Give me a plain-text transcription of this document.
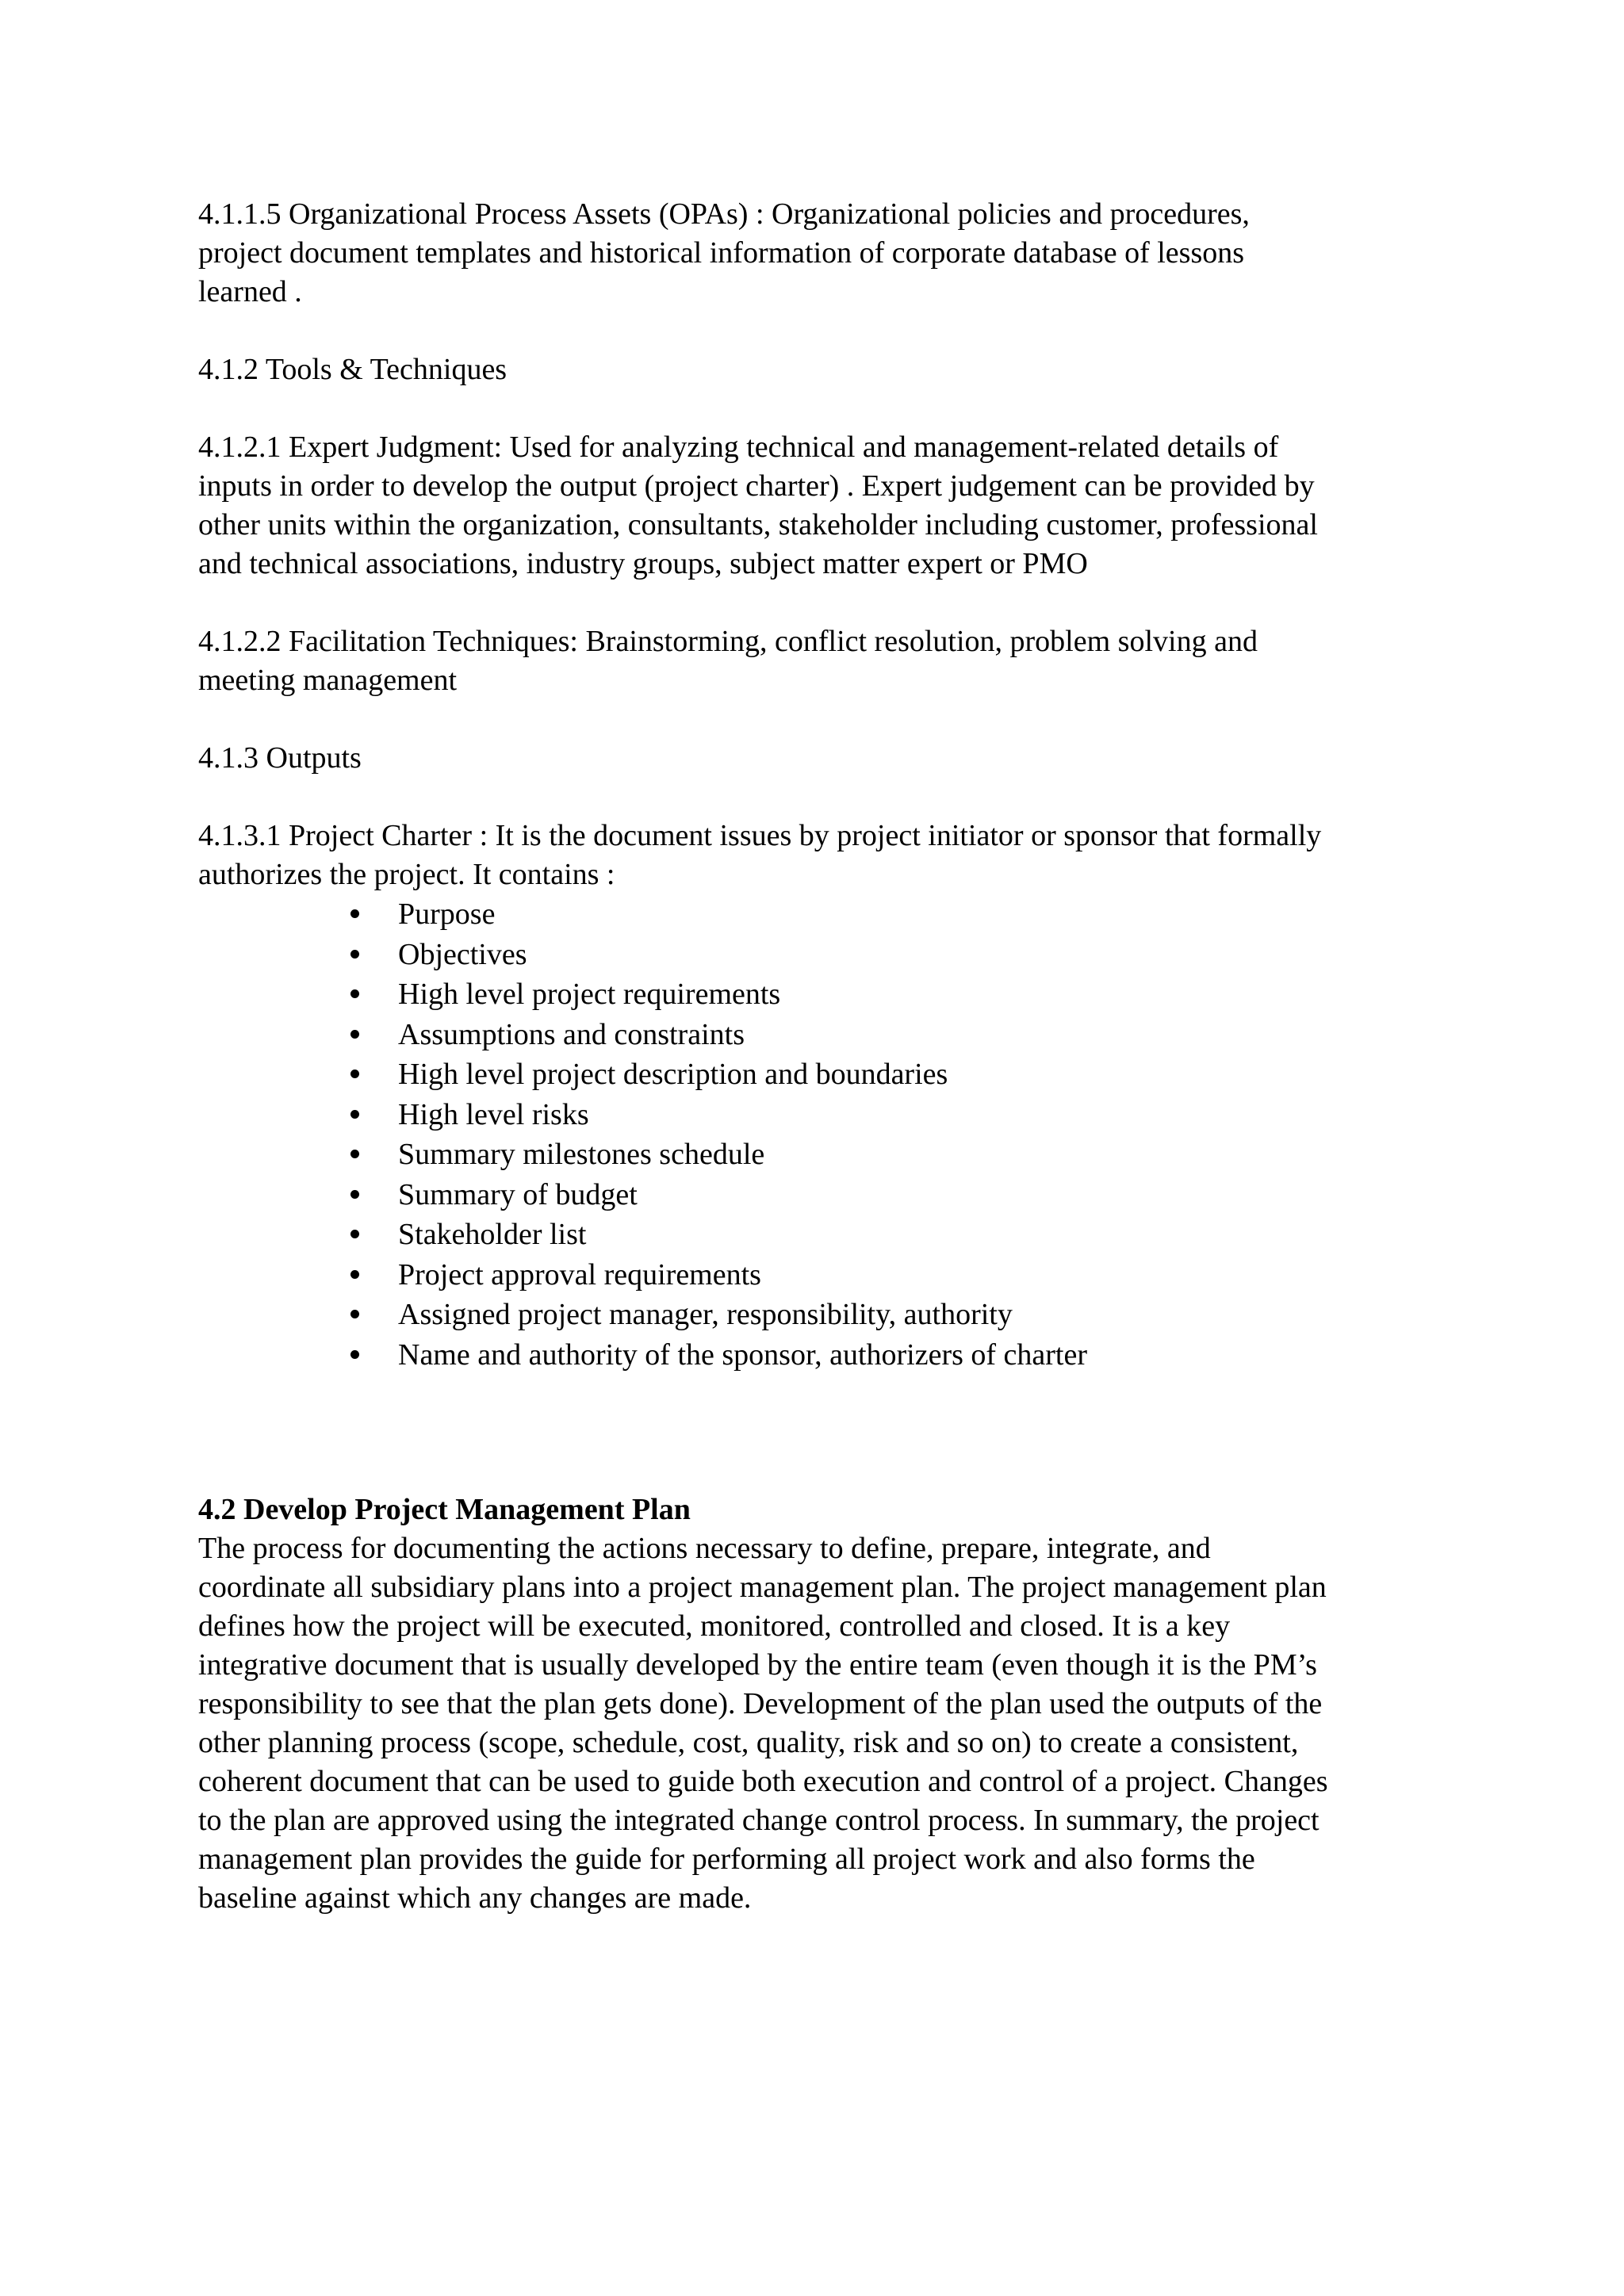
4.1.1.5 Organizational Process Assets (OPAs) : Organizational policies and procedures,
project document templates and historical information of corporate database of lessons
learned .

4.1.2 Tools & Techniques

4.1.2.1 Expert Judgment: Used for analyzing technical and management-related details of
inputs in order to develop the output (project charter) . Expert judgement can be provided by
other units within the organization, consultants, stakeholder including customer, professional
and technical associations, industry groups, subject matter expert or PMO

4.1.2.2 Facilitation Techniques: Brainstorming, conflict resolution, problem solving and
meeting management

4.1.3 Outputs

4.1.3.1 Project Charter : It is the document issues by project initiator or sponsor that formally
authorizes the project. It contains :

Purpose
Objectives
High level project requirements
Assumptions and constraints
High level project description and boundaries
High level risks
Summary milestones schedule
Summary of budget
Stakeholder list
Project approval requirements
Assigned project manager, responsibility, authority
Name and authority of the sponsor, authorizers of charter

4.2 Develop Project Management Plan

The process for documenting the actions necessary to define, prepare, integrate, and
coordinate all subsidiary plans into a project management plan. The project management plan
defines how the project will be executed, monitored, controlled and closed. It is a key
integrative document that is usually developed by the entire team (even though it is the PM’s
responsibility to see that the plan gets done). Development of the plan used the outputs of the
other planning process (scope, schedule, cost, quality, risk and so on) to create a consistent,
coherent document that can be used to guide both execution and control of a project. Changes
to the plan are approved using the integrated change control process. In summary, the project
management plan provides the guide for performing all project work and also forms the
baseline against which any changes are made.
